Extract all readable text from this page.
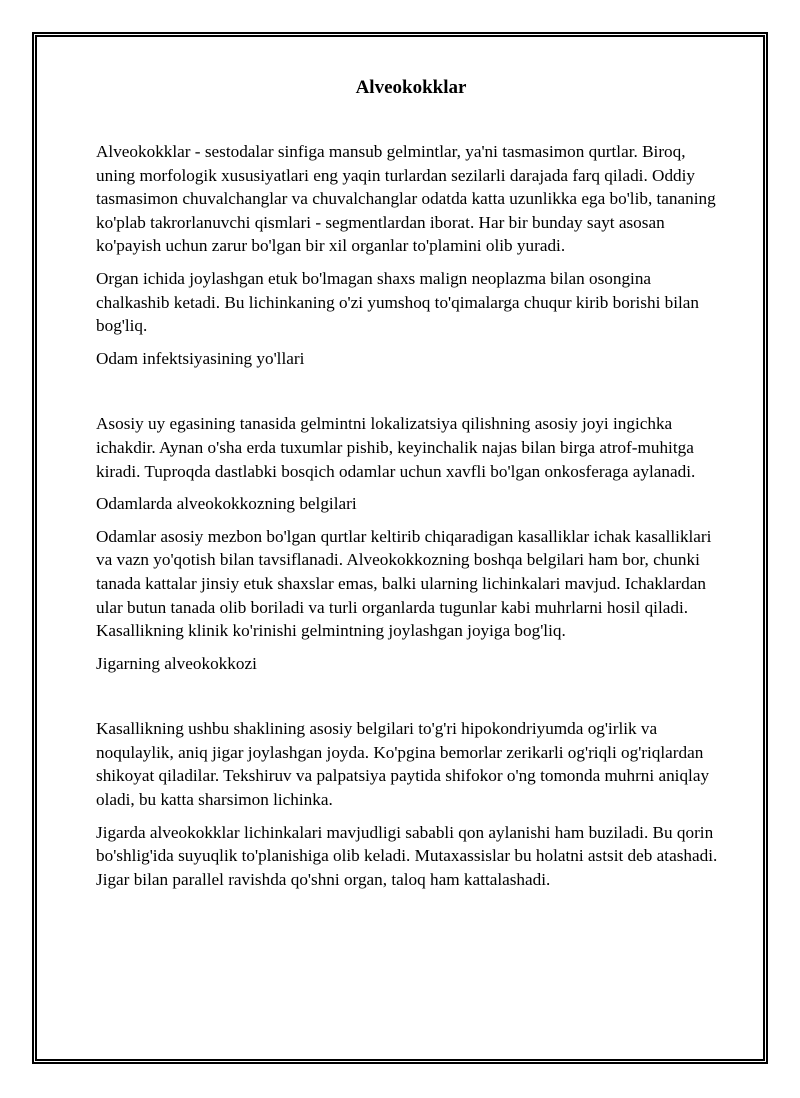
Alveokokklar

Alveokokklar - sestodalar sinfiga mansub gelmintlar, ya'ni tasmasimon qurtlar. Biroq, uning morfologik xususiyatlari eng yaqin turlardan sezilarli darajada farq qiladi. Oddiy tasmasimon chuvalchanglar va chuvalchanglar odatda katta uzunlikka ega bo'lib, tananing ko'plab takrorlanuvchi qismlari - segmentlardan iborat. Har bir bunday sayt asosan ko'payish uchun zarur bo'lgan bir xil organlar to'plamini olib yuradi.

Organ ichida joylashgan etuk bo'lmagan shaxs malign neoplazma bilan osongina chalkashib ketadi. Bu lichinkaning o'zi yumshoq to'qimalarga chuqur kirib borishi bilan bog'liq.

Odam infektsiyasining yo'llari

Asosiy uy egasining tanasida gelmintni lokalizatsiya qilishning asosiy joyi ingichka ichakdir. Aynan o'sha erda tuxumlar pishib, keyinchalik najas bilan birga atrof-muhitga kiradi. Tuproqda dastlabki bosqich odamlar uchun xavfli bo'lgan onkosferaga aylanadi.

Odamlarda alveokokkozning belgilari

Odamlar asosiy mezbon bo'lgan qurtlar keltirib chiqaradigan kasalliklar ichak kasalliklari va vazn yo'qotish bilan tavsiflanadi. Alveokokkozning boshqa belgilari ham bor, chunki tanada kattalar jinsiy etuk shaxslar emas, balki ularning lichinkalari mavjud. Ichaklardan ular butun tanada olib boriladi va turli organlarda tugunlar kabi muhrlarni hosil qiladi. Kasallikning klinik ko'rinishi gelmintning joylashgan joyiga bog'liq.

Jigarning alveokokkozi

Kasallikning ushbu shaklining asosiy belgilari to'g'ri hipokondriyumda og'irlik va noqulaylik, aniq jigar joylashgan joyda. Ko'pgina bemorlar zerikarli og'riqli og'riqlardan shikoyat qiladilar. Tekshiruv va palpatsiya paytida shifokor o'ng tomonda muhrni aniqlay oladi, bu katta sharsimon lichinka.

Jigarda alveokokklar lichinkalari mavjudligi sababli qon aylanishi ham buziladi. Bu qorin bo'shlig'ida suyuqlik to'planishiga olib keladi. Mutaxassislar bu holatni astsit deb atashadi. Jigar bilan parallel ravishda qo'shni organ, taloq ham kattalashadi.
